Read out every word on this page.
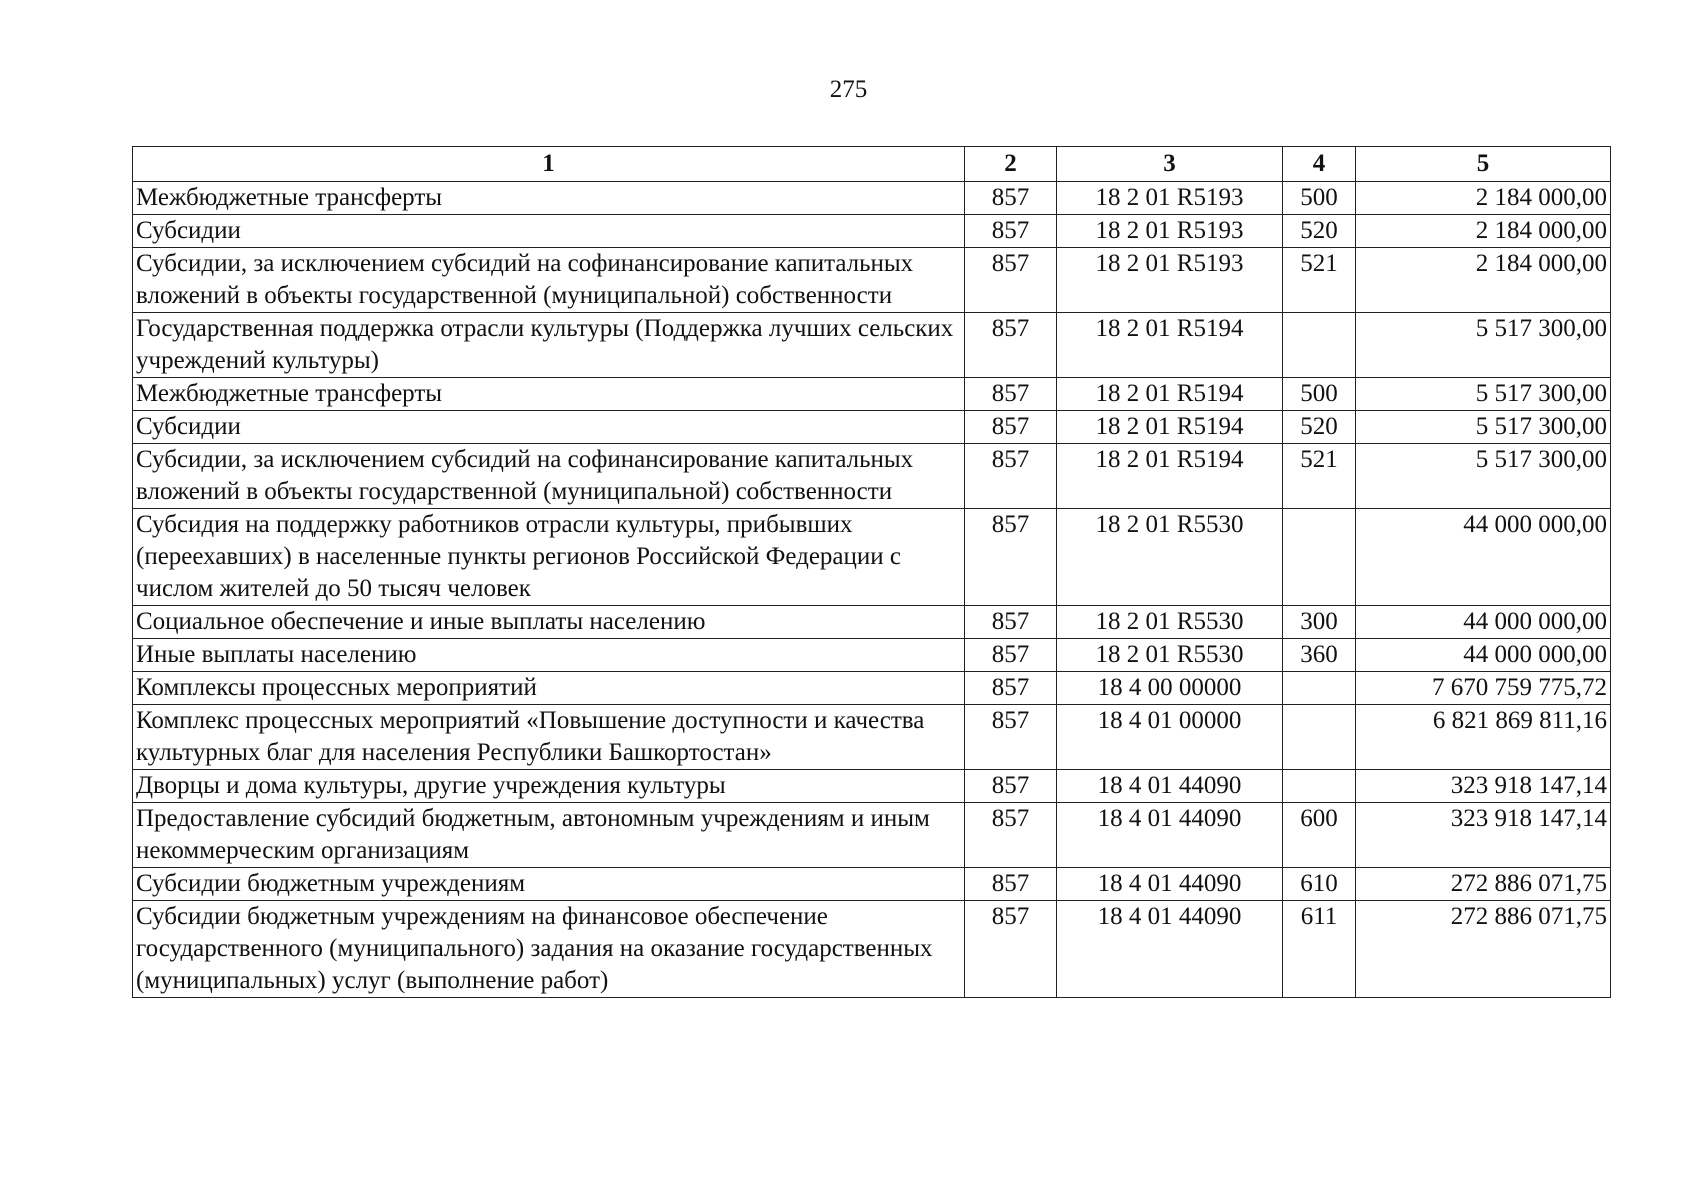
275
1	2	3	4	5
Межбюджетные трансферты	857	18 2 01 R5193	500	2 184 000,00
Субсидии	857	18 2 01 R5193	520	2 184 000,00
Субсидии, за исключением субсидий на софинансирование капитальных вложений в объекты государственной (муниципальной) собственности	857	18 2 01 R5193	521	2 184 000,00
Государственная поддержка отрасли культуры (Поддержка лучших сельских учреждений культуры)	857	18 2 01 R5194		5 517 300,00
Межбюджетные трансферты	857	18 2 01 R5194	500	5 517 300,00
Субсидии	857	18 2 01 R5194	520	5 517 300,00
Субсидии, за исключением субсидий на софинансирование капитальных вложений в объекты государственной (муниципальной) собственности	857	18 2 01 R5194	521	5 517 300,00
Субсидия на поддержку работников отрасли культуры, прибывших (переехавших) в населенные пункты регионов Российской Федерации с числом жителей до 50 тысяч человек	857	18 2 01 R5530		44 000 000,00
Социальное обеспечение и иные выплаты населению	857	18 2 01 R5530	300	44 000 000,00
Иные выплаты населению	857	18 2 01 R5530	360	44 000 000,00
Комплексы процессных мероприятий	857	18 4 00 00000		7 670 759 775,72
Комплекс процессных мероприятий «Повышение доступности и качества культурных благ для населения Республики Башкортостан»	857	18 4 01 00000		6 821 869 811,16
Дворцы и дома культуры, другие учреждения культуры	857	18 4 01 44090		323 918 147,14
Предоставление субсидий бюджетным, автономным учреждениям и иным некоммерческим организациям	857	18 4 01 44090	600	323 918 147,14
Субсидии бюджетным учреждениям	857	18 4 01 44090	610	272 886 071,75
Субсидии бюджетным учреждениям на финансовое обеспечение государственного (муниципального) задания на оказание государственных (муниципальных) услуг (выполнение работ)	857	18 4 01 44090	611	272 886 071,75
